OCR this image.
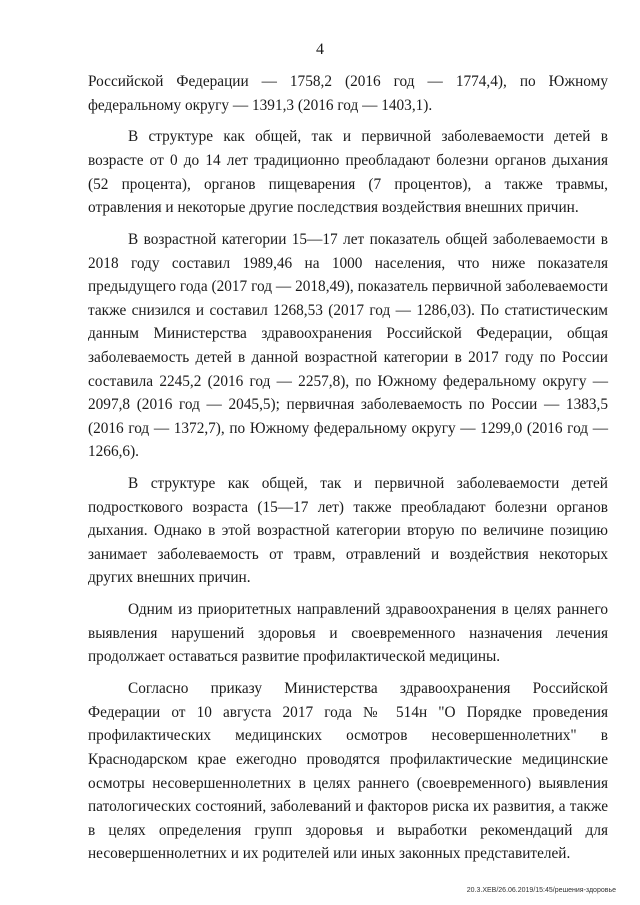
4

Российской Федерации — 1758,2 (2016 год — 1774,4), по Южному федеральному округу — 1391,3 (2016 год — 1403,1).

В структуре как общей, так и первичной заболеваемости детей в возрасте от 0 до 14 лет традиционно преобладают болезни органов дыхания (52 процента), органов пищеварения (7 процентов), а также травмы, отравления и некоторые другие последствия воздействия внешних причин.

В возрастной категории 15—17 лет показатель общей заболеваемости в 2018 году составил 1989,46 на 1000 населения, что ниже показателя предыдущего года (2017 год — 2018,49), показатель первичной заболеваемости также снизился и составил 1268,53 (2017 год — 1286,03). По статистическим данным Министерства здравоохранения Российской Федерации, общая заболеваемость детей в данной возрастной категории в 2017 году по России составила 2245,2 (2016 год — 2257,8), по Южному федеральному округу — 2097,8 (2016 год — 2045,5); первичная заболеваемость по России — 1383,5 (2016 год — 1372,7), по Южному федеральному округу — 1299,0 (2016 год — 1266,6).

В структуре как общей, так и первичной заболеваемости детей подросткового возраста (15—17 лет) также преобладают болезни органов дыхания. Однако в этой возрастной категории вторую по величине позицию занимает заболеваемость от травм, отравлений и воздействия некоторых других внешних причин.

Одним из приоритетных направлений здравоохранения в целях раннего выявления нарушений здоровья и своевременного назначения лечения продолжает оставаться развитие профилактической медицины.

Согласно приказу Министерства здравоохранения Российской Федерации от 10 августа 2017 года № 514н "О Порядке проведения профилактических медицинских осмотров несовершеннолетних" в Краснодарском крае ежегодно проводятся профилактические медицинские осмотры несовершеннолетних в целях раннего (своевременного) выявления патологических состояний, заболеваний и факторов риска их развития, а также в целях определения групп здоровья и выработки рекомендаций для несовершеннолетних и их родителей или иных законных представителей.

20.3.ХЕВ/26.06.2019/15:45/решения-здоровье
